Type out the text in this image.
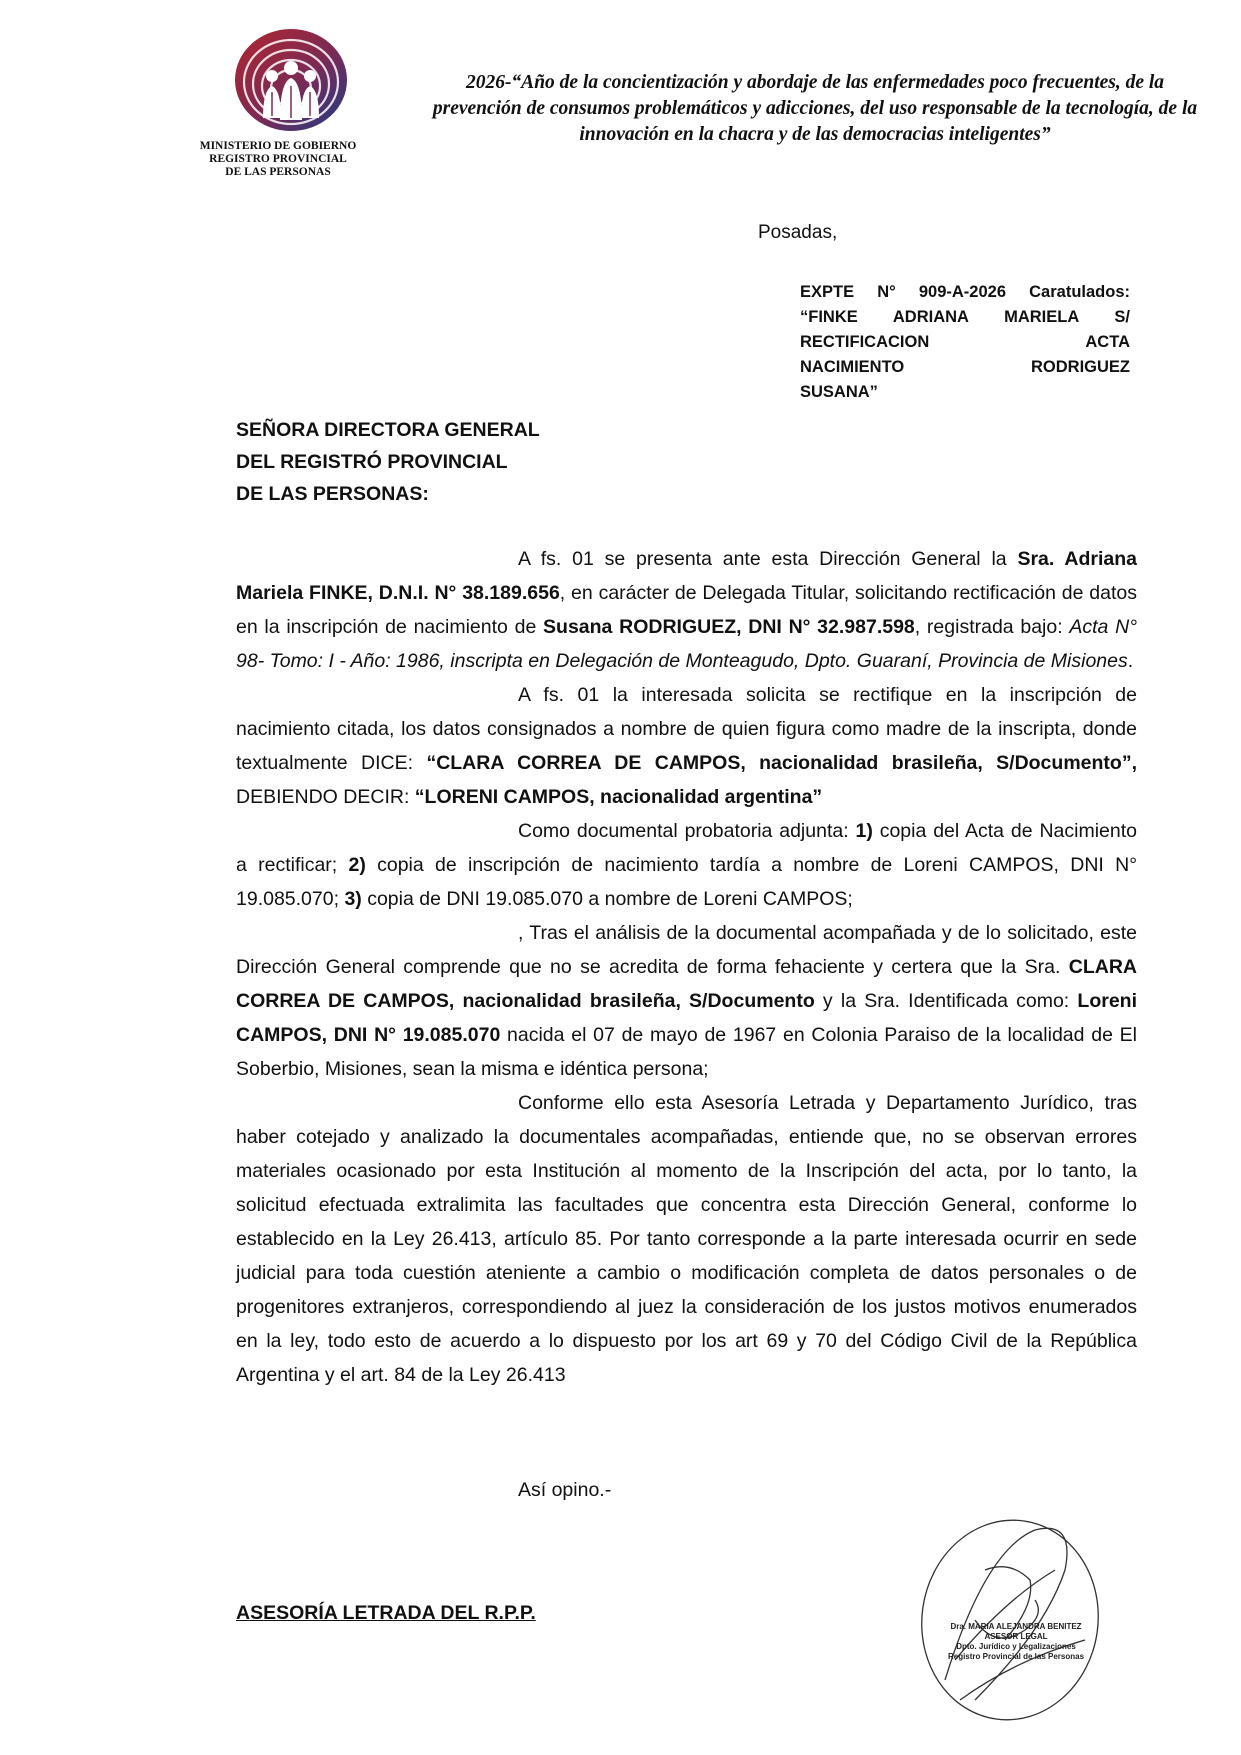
MINISTERIO DE GOBIERNO
REGISTRO PROVINCIAL
DE LAS PERSONAS
2026-“Año de la concientización y abordaje de las enfermedades poco frecuentes, de la prevención de consumos problemáticos y adicciones, del uso responsable de la tecnología, de la innovación en la chacra y de las democracias inteligentes”
Posadas,
EXPTE N° 909-A-2026 Caratulados:
“FINKE ADRIANA MARIELA S/
RECTIFICACION ACTA
NACIMIENTO RODRIGUEZ
SUSANA”
SEÑORA DIRECTORA GENERAL
DEL REGISTRÓ PROVINCIAL
DE LAS PERSONAS:

A fs. 01 se presenta ante esta Dirección General la Sra. Adriana Mariela FINKE, D.N.I. N° 38.189.656, en carácter de Delegada Titular, solicitando rectificación de datos en la inscripción de nacimiento de Susana RODRIGUEZ, DNI N° 32.987.598, registrada bajo: Acta N° 98- Tomo: I - Año: 1986, inscripta en Delegación de Monteagudo, Dpto. Guaraní, Provincia de Misiones.

A fs. 01 la interesada solicita se rectifique en la inscripción de nacimiento citada, los datos consignados a nombre de quien figura como madre de la inscripta, donde textualmente DICE: “CLARA CORREA DE CAMPOS, nacionalidad brasileña, S/Documento”, DEBIENDO DECIR: “LORENI CAMPOS, nacionalidad argentina”

Como documental probatoria adjunta: 1) copia del Acta de Nacimiento a rectificar; 2) copia de inscripción de nacimiento tardía a nombre de Loreni CAMPOS, DNI N° 19.085.070; 3) copia de DNI 19.085.070 a nombre de Loreni CAMPOS;

, Tras el análisis de la documental acompañada y de lo solicitado, este Dirección General comprende que no se acredita de forma fehaciente y certera que la Sra. CLARA CORREA DE CAMPOS, nacionalidad brasileña, S/Documento y la Sra. Identificada como: Loreni CAMPOS, DNI N° 19.085.070 nacida el 07 de mayo de 1967 en Colonia Paraiso de la localidad de El Soberbio, Misiones, sean la misma e idéntica persona;

Conforme ello esta Asesoría Letrada y Departamento Jurídico, tras haber cotejado y analizado la documentales acompañadas, entiende que, no se observan errores materiales ocasionado por esta Institución al momento de la Inscripción del acta, por lo tanto, la solicitud efectuada extralimita las facultades que concentra esta Dirección General, conforme lo establecido en la Ley 26.413, artículo 85. Por tanto corresponde a la parte interesada ocurrir en sede judicial para toda cuestión ateniente a cambio o modificación completa de datos personales o de progenitores extranjeros, correspondiendo al juez la consideración de los justos motivos enumerados en la ley, todo esto de acuerdo a lo dispuesto por los art 69 y 70 del Código Civil de la República Argentina y el art. 84 de la Ley 26.413

Así opino.-
ASESORÍA LETRADA DEL R.P.P.
Dra. MARIA ALEJANDRA BENITEZ
ASESOR LEGAL
Dpto. Jurídico y Legalizaciones
Registro Provincial de las Personas
